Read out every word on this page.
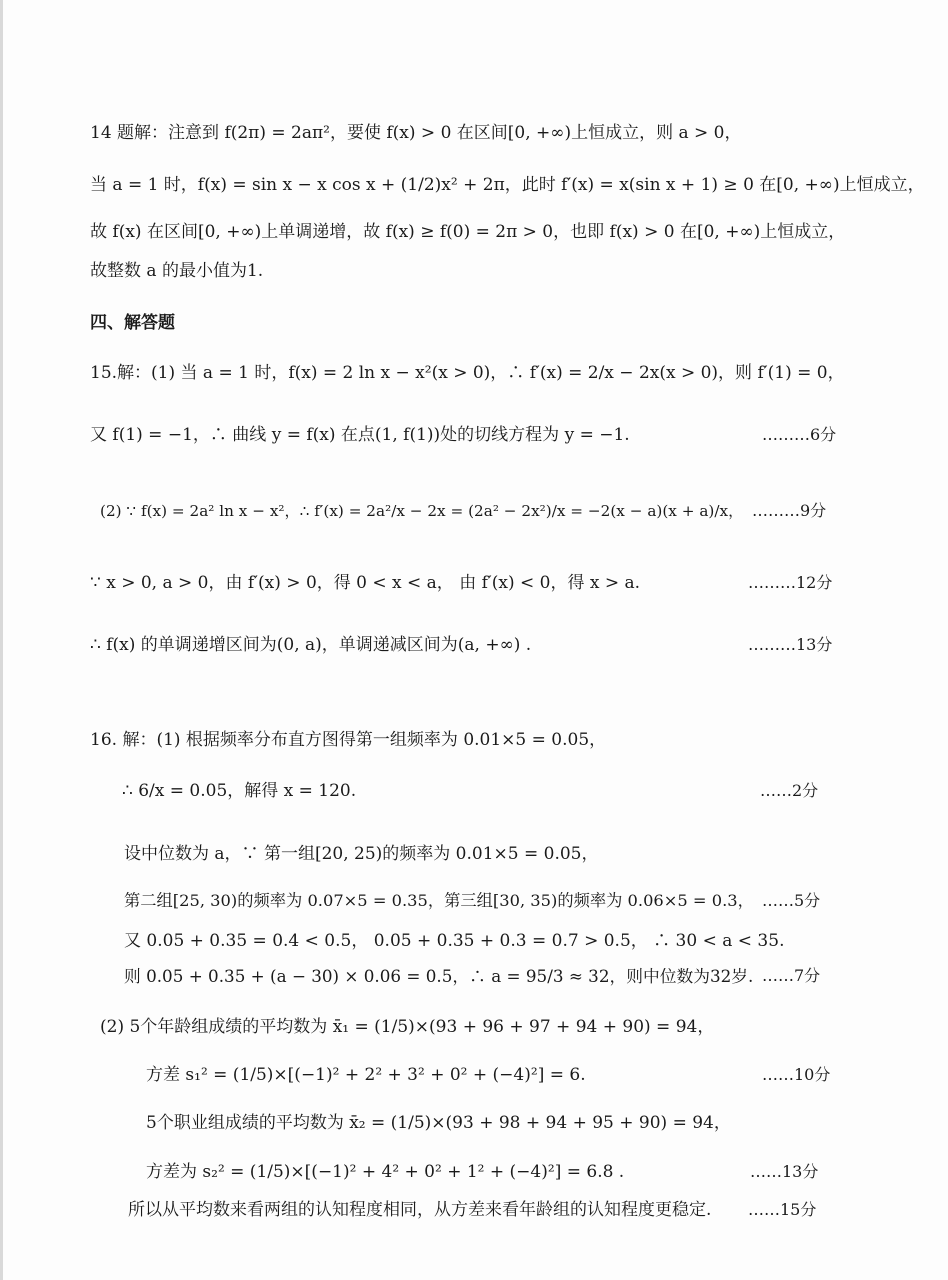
14 题解：注意到 f(2π) = 2aπ²，要使 f(x) > 0 在区间[0, +∞)上恒成立，则 a > 0，
当 a = 1 时，f(x) = sin x − x cos x + (1/2)x² + 2π，此时 f′(x) = x(sin x + 1) ≥ 0 在[0, +∞)上恒成立，
故 f(x) 在区间[0, +∞)上单调递增，故 f(x) ≥ f(0) = 2π > 0，也即 f(x) > 0 在[0, +∞)上恒成立，
故整数 a 的最小值为1.
四、解答题
15.解：(1) 当 a = 1 时，f(x) = 2 ln x − x²(x > 0)，∴ f′(x) = 2/x − 2x(x > 0)，则 f′(1) = 0，
又 f(1) = −1，∴ 曲线 y = f(x) 在点(1, f(1))处的切线方程为 y = −1.	………6分
(2) ∵ f(x) = 2a² ln x − x²，∴ f′(x) = 2a²/x − 2x = (2a² − 2x²)/x = −2(x − a)(x + a)/x， ………9分
∵ x > 0, a > 0，由 f′(x) > 0，得 0 < x < a， 由 f′(x) < 0，得 x > a.	………12分
∴ f(x) 的单调递增区间为(0, a)，单调递减区间为(a, +∞) .	………13分
16. 解：(1) 根据频率分布直方图得第一组频率为 0.01×5 = 0.05，
∴ 6/x = 0.05，解得 x = 120.	……2分
设中位数为 a，∵ 第一组[20, 25)的频率为 0.01×5 = 0.05，
第二组[25, 30)的频率为 0.07×5 = 0.35，第三组[30, 35)的频率为 0.06×5 = 0.3， ……5分
又 0.05 + 0.35 = 0.4 < 0.5， 0.05 + 0.35 + 0.3 = 0.7 > 0.5， ∴ 30 < a < 35.
则 0.05 + 0.35 + (a − 30) × 0.06 = 0.5，∴ a = 95/3 ≈ 32，则中位数为32岁. ……7分
(2) 5个年龄组成绩的平均数为 x̄₁ = (1/5)×(93 + 96 + 97 + 94 + 90) = 94，
方差 s₁² = (1/5)×[(−1)² + 2² + 3² + 0² + (−4)²] = 6.	……10分
5个职业组成绩的平均数为 x̄₂ = (1/5)×(93 + 98 + 94 + 95 + 90) = 94，
方差为 s₂² = (1/5)×[(−1)² + 4² + 0² + 1² + (−4)²] = 6.8 .	……13分
所以从平均数来看两组的认知程度相同，从方差来看年龄组的认知程度更稳定. ……15分
